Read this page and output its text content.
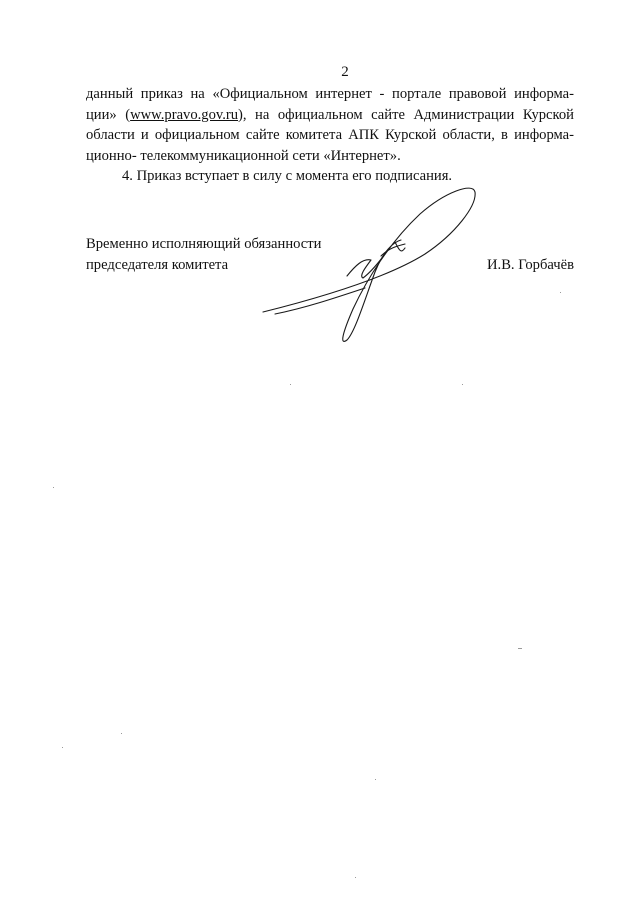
2
данный приказ на «Официальном интернет - портале правовой информа-
ции» (www.pravo.gov.ru), на официальном сайте Администрации Курской
области и официальном сайте комитета АПК Курской области, в информа-
ционно- телекоммуникационной сети «Интернет».
4. Приказ вступает в силу с момента его подписания.
Временно исполняющий обязанности
председателя комитета	И.В. Горбачёв
